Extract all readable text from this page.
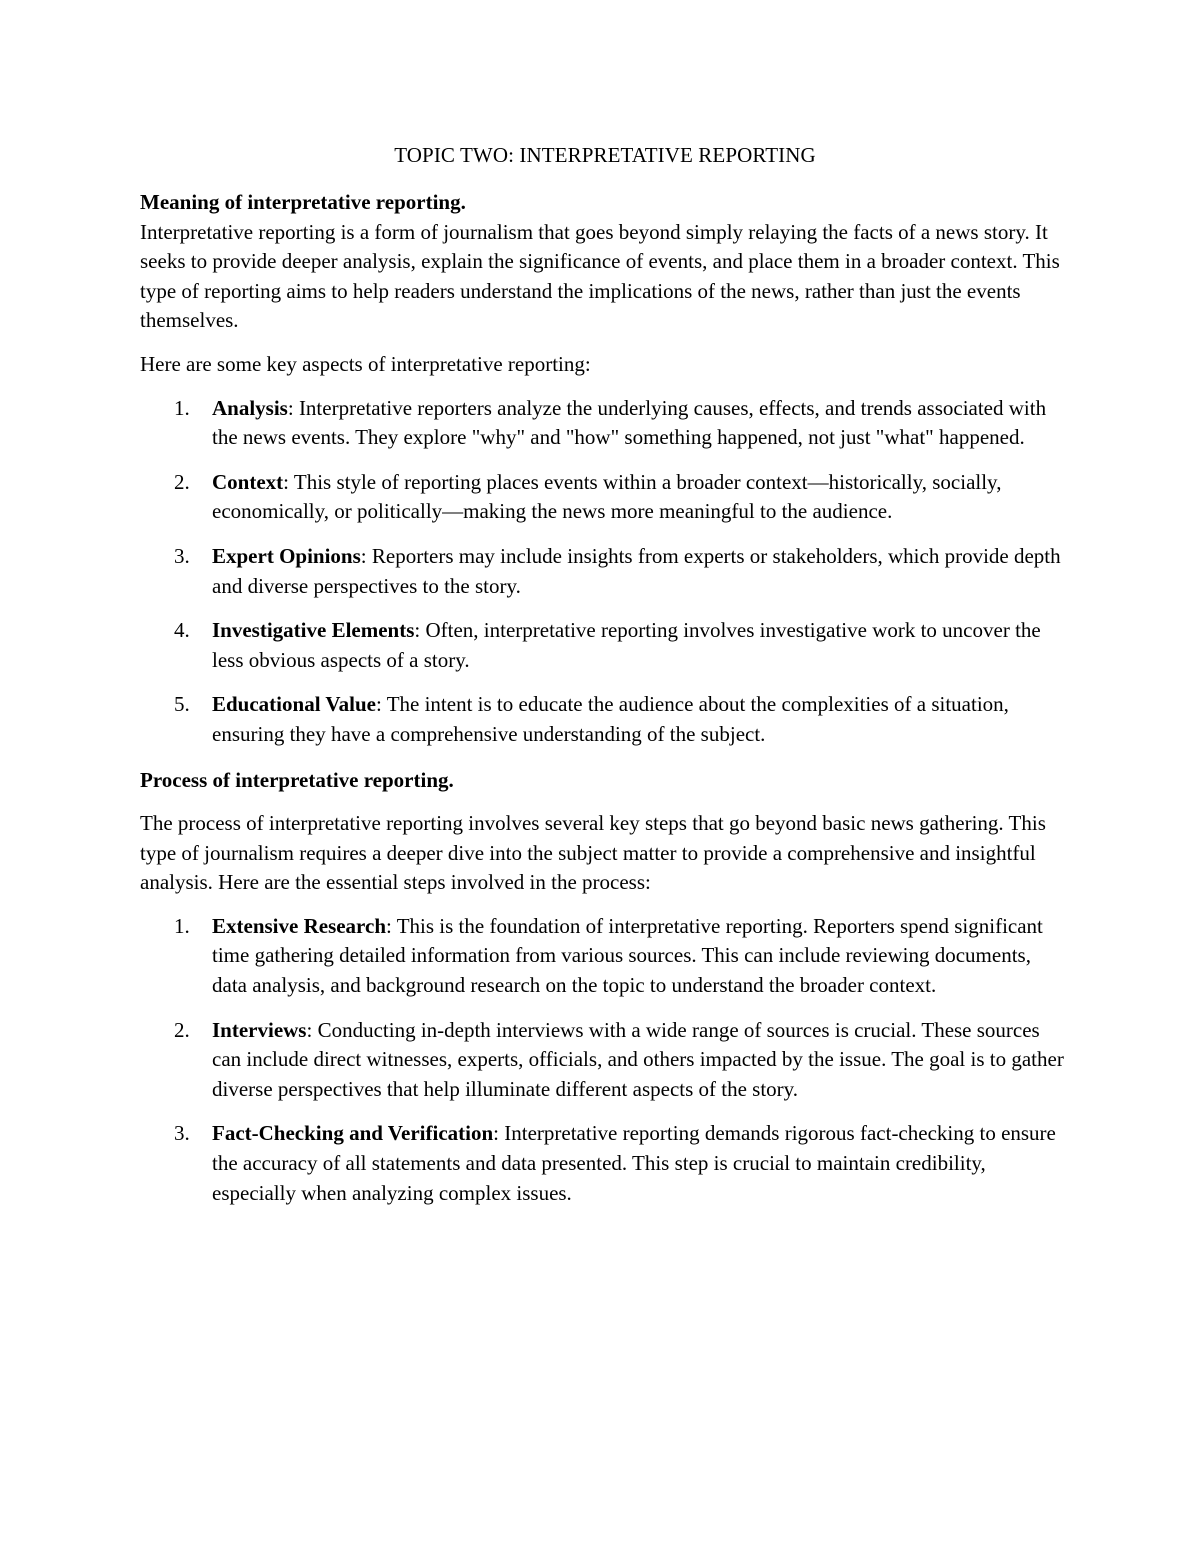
TOPIC TWO: INTERPRETATIVE REPORTING

Meaning of interpretative reporting.

Interpretative reporting is a form of journalism that goes beyond simply relaying the facts of a news story. It seeks to provide deeper analysis, explain the significance of events, and place them in a broader context. This type of reporting aims to help readers understand the implications of the news, rather than just the events themselves.

Here are some key aspects of interpretative reporting:

1. Analysis: Interpretative reporters analyze the underlying causes, effects, and trends associated with the news events. They explore "why" and "how" something happened, not just "what" happened.
2. Context: This style of reporting places events within a broader context—historically, socially, economically, or politically—making the news more meaningful to the audience.
3. Expert Opinions: Reporters may include insights from experts or stakeholders, which provide depth and diverse perspectives to the story.
4. Investigative Elements: Often, interpretative reporting involves investigative work to uncover the less obvious aspects of a story.
5. Educational Value: The intent is to educate the audience about the complexities of a situation, ensuring they have a comprehensive understanding of the subject.

Process of interpretative reporting.

The process of interpretative reporting involves several key steps that go beyond basic news gathering. This type of journalism requires a deeper dive into the subject matter to provide a comprehensive and insightful analysis. Here are the essential steps involved in the process:

1. Extensive Research: This is the foundation of interpretative reporting. Reporters spend significant time gathering detailed information from various sources. This can include reviewing documents, data analysis, and background research on the topic to understand the broader context.
2. Interviews: Conducting in-depth interviews with a wide range of sources is crucial. These sources can include direct witnesses, experts, officials, and others impacted by the issue. The goal is to gather diverse perspectives that help illuminate different aspects of the story.
3. Fact-Checking and Verification: Interpretative reporting demands rigorous fact-checking to ensure the accuracy of all statements and data presented. This step is crucial to maintain credibility, especially when analyzing complex issues.
